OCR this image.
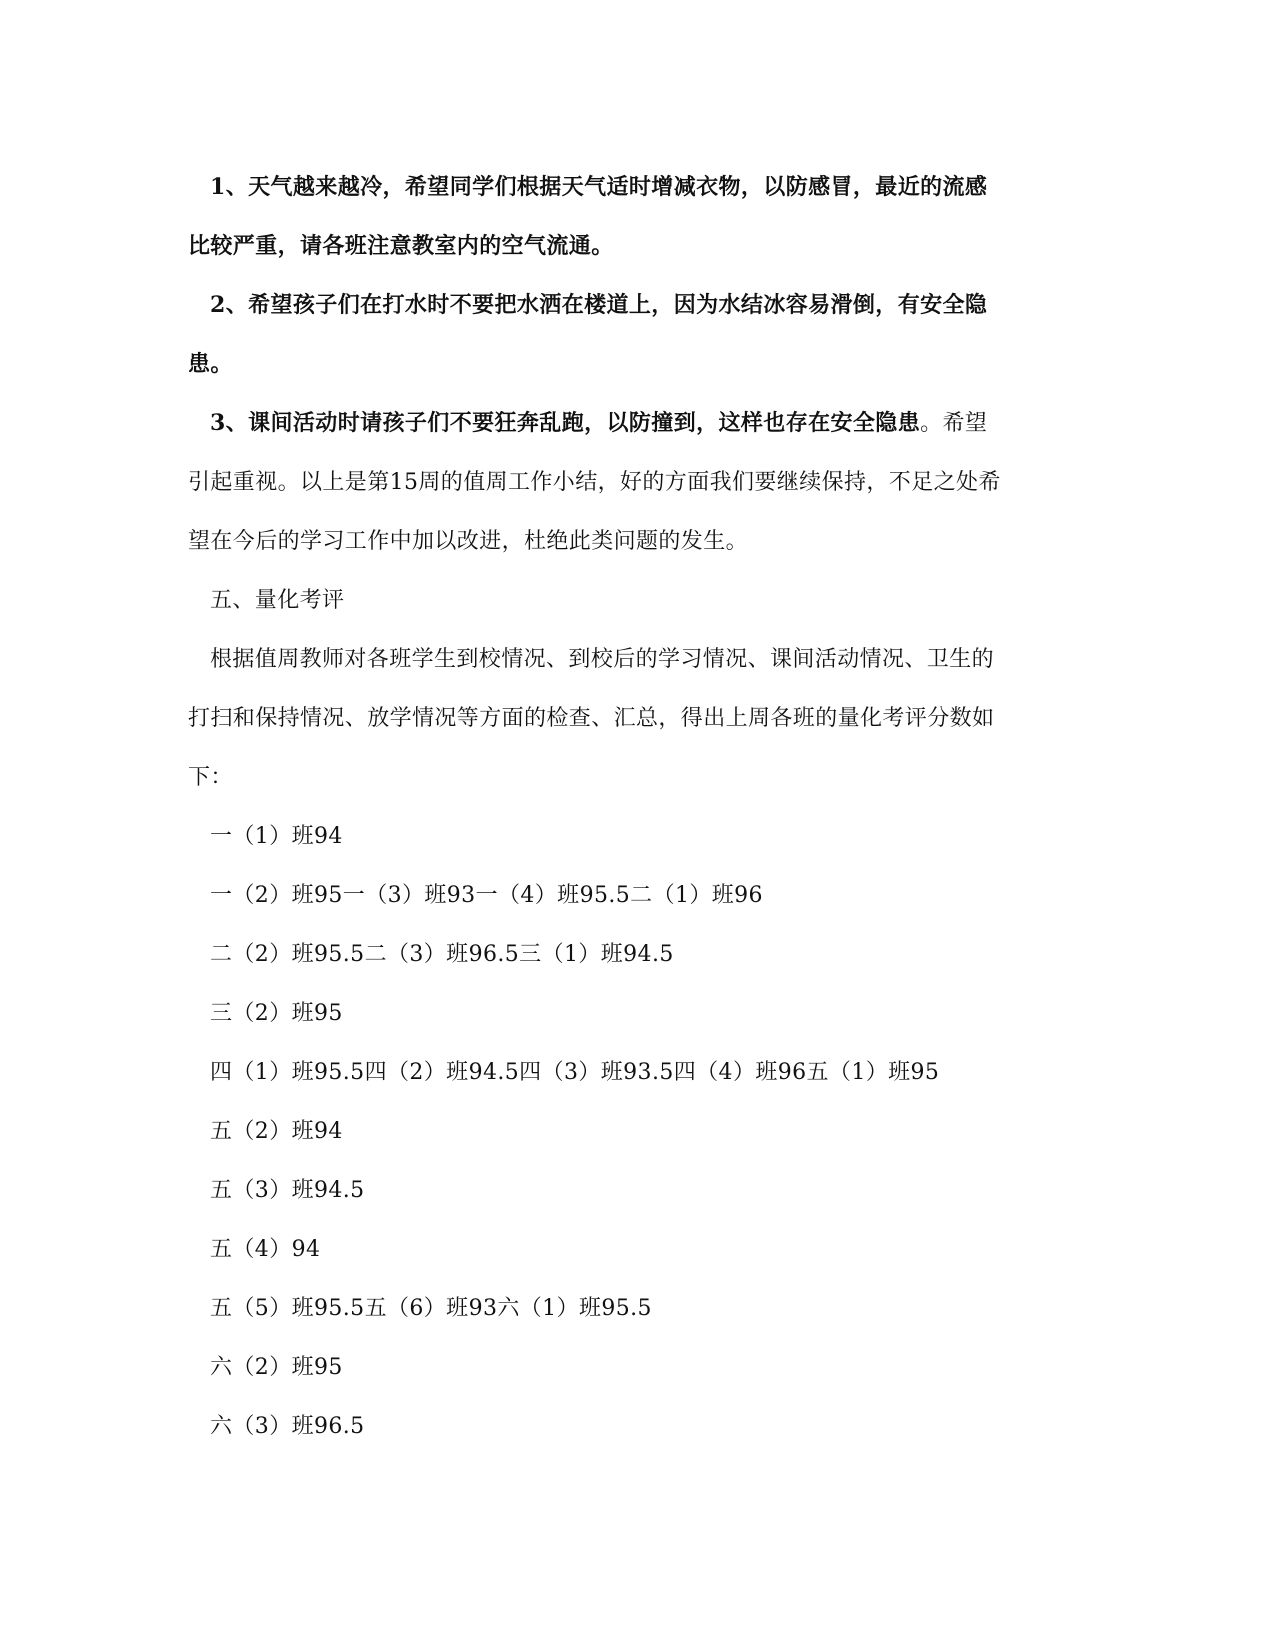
1、天气越来越冷，希望同学们根据天气适时增减衣物，以防感冒，最近的流感
比较严重，请各班注意教室内的空气流通。
2、希望孩子们在打水时不要把水洒在楼道上，因为水结冰容易滑倒，有安全隐
患。
3、课间活动时请孩子们不要狂奔乱跑，以防撞到，这样也存在安全隐患。希望
引起重视。以上是第15周的值周工作小结，好的方面我们要继续保持，不足之处希
望在今后的学习工作中加以改进，杜绝此类问题的发生。
五、量化考评
根据值周教师对各班学生到校情况、到校后的学习情况、课间活动情况、卫生的
打扫和保持情况、放学情况等方面的检查、汇总，得出上周各班的量化考评分数如
下：
一（1）班94
一（2）班95一（3）班93一（4）班95.5二（1）班96
二（2）班95.5二（3）班96.5三（1）班94.5
三（2）班95
四（1）班95.5四（2）班94.5四（3）班93.5四（4）班96五（1）班95
五（2）班94
五（3）班94.5
五（4）94
五（5）班95.5五（6）班93六（1）班95.5
六（2）班95
六（3）班96.5
